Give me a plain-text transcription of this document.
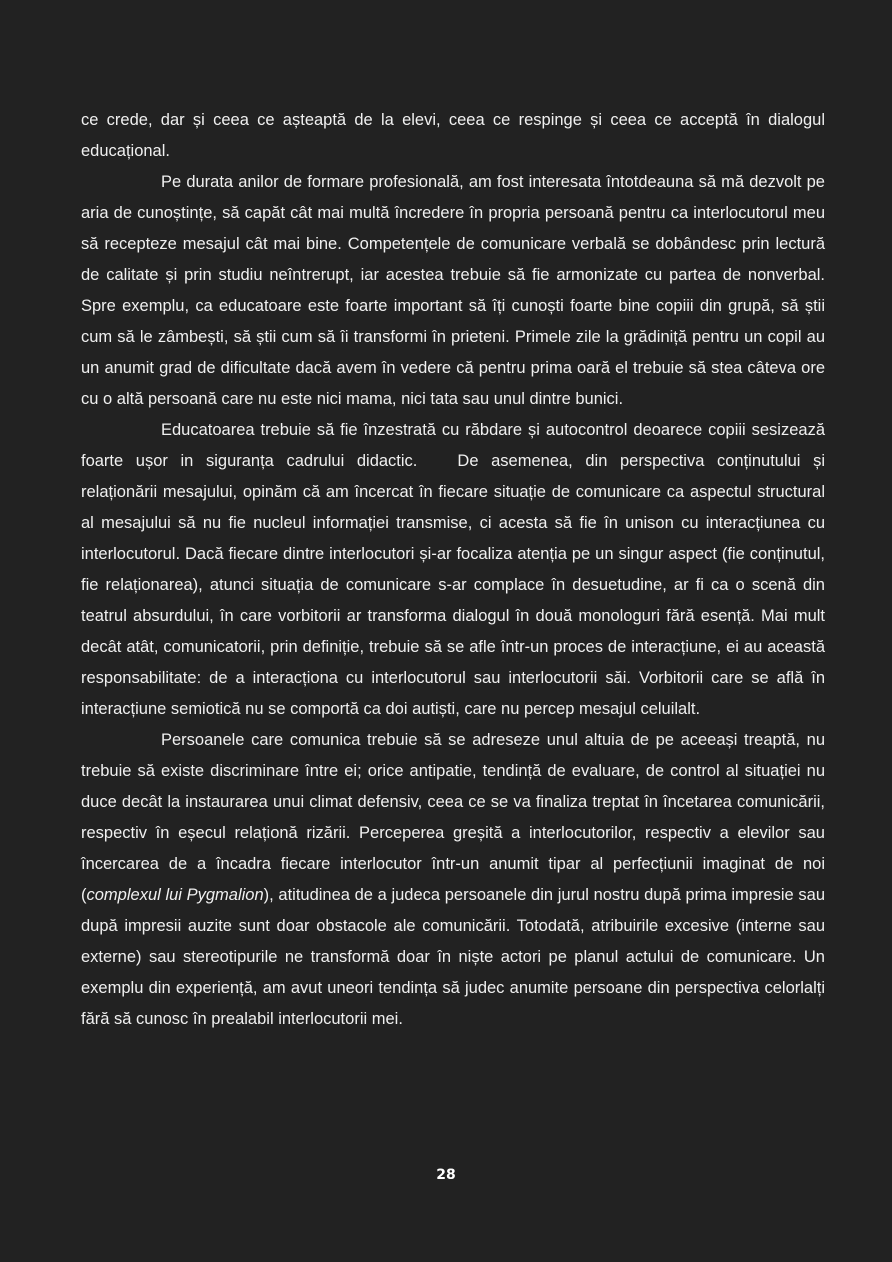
ce crede, dar și ceea ce așteaptă de la elevi, ceea ce respinge și ceea ce acceptă în dialogul educațional.

Pe durata anilor de formare profesională, am fost interesata întotdeauna să mă dezvolt pe aria de cunoștințe, să capăt cât mai multă încredere în propria persoană pentru ca interlocutorul meu să recepteze mesajul cât mai bine. Competențele de comunicare verbală se dobândesc prin lectură de calitate și prin studiu neîntrerupt, iar acestea trebuie să fie armonizate cu partea de nonverbal. Spre exemplu, ca educatoare este foarte important să îți cunoști foarte bine copiii din grupă, să știi cum să le zâmbești, să știi cum să îi transformi în prieteni. Primele zile la grădiniță pentru un copil au un anumit grad de dificultate dacă avem în vedere că pentru prima oară el trebuie să stea câteva ore cu o altă persoană care nu este nici mama, nici tata sau unul dintre bunici.

Educatoarea trebuie să fie înzestrată cu răbdare și autocontrol deoarece copiii sesizează foarte ușor in siguranța cadrului didactic. De asemenea, din perspectiva conținutului și relaționării mesajului, opinăm că am încercat în fiecare situație de comunicare ca aspectul structural al mesajului să nu fie nucleul informației transmise, ci acesta să fie în unison cu interacțiunea cu interlocutorul. Dacă fiecare dintre interlocutori și-ar focaliza atenția pe un singur aspect (fie conținutul, fie relaționarea), atunci situația de comunicare s-ar complace în desuetudine, ar fi ca o scenă din teatrul absurdului, în care vorbitorii ar transforma dialogul în două monologuri fără esență. Mai mult decât atât, comunicatorii, prin definiție, trebuie să se afle într-un proces de interacțiune, ei au această responsabilitate: de a interacționa cu interlocutorul sau interlocutorii săi. Vorbitorii care se află în interacțiune semiotică nu se comportă ca doi autiști, care nu percep mesajul celuilalt.

Persoanele care comunica trebuie să se adreseze unul altuia de pe aceeași treaptă, nu trebuie să existe discriminare între ei; orice antipatie, tendință de evaluare, de control al situației nu duce decât la instaurarea unui climat defensiv, ceea ce se va finaliza treptat în încetarea comunicării, respectiv în eșecul relaționă rizării. Perceperea greșită a interlocutorilor, respectiv a elevilor sau încercarea de a încadra fiecare interlocutor într-un anumit tipar al perfecțiunii imaginat de noi (complexul lui Pygmalion), atitudinea de a judeca persoanele din jurul nostru după prima impresie sau după impresii auzite sunt doar obstacole ale comunicării. Totodată, atribuirile excesive (interne sau externe) sau stereotipurile ne transformă doar în niște actori pe planul actului de comunicare. Un exemplu din experiență, am avut uneori tendința să judec anumite persoane din perspectiva celorlalți fără să cunosc în prealabil interlocutorii mei.

28
